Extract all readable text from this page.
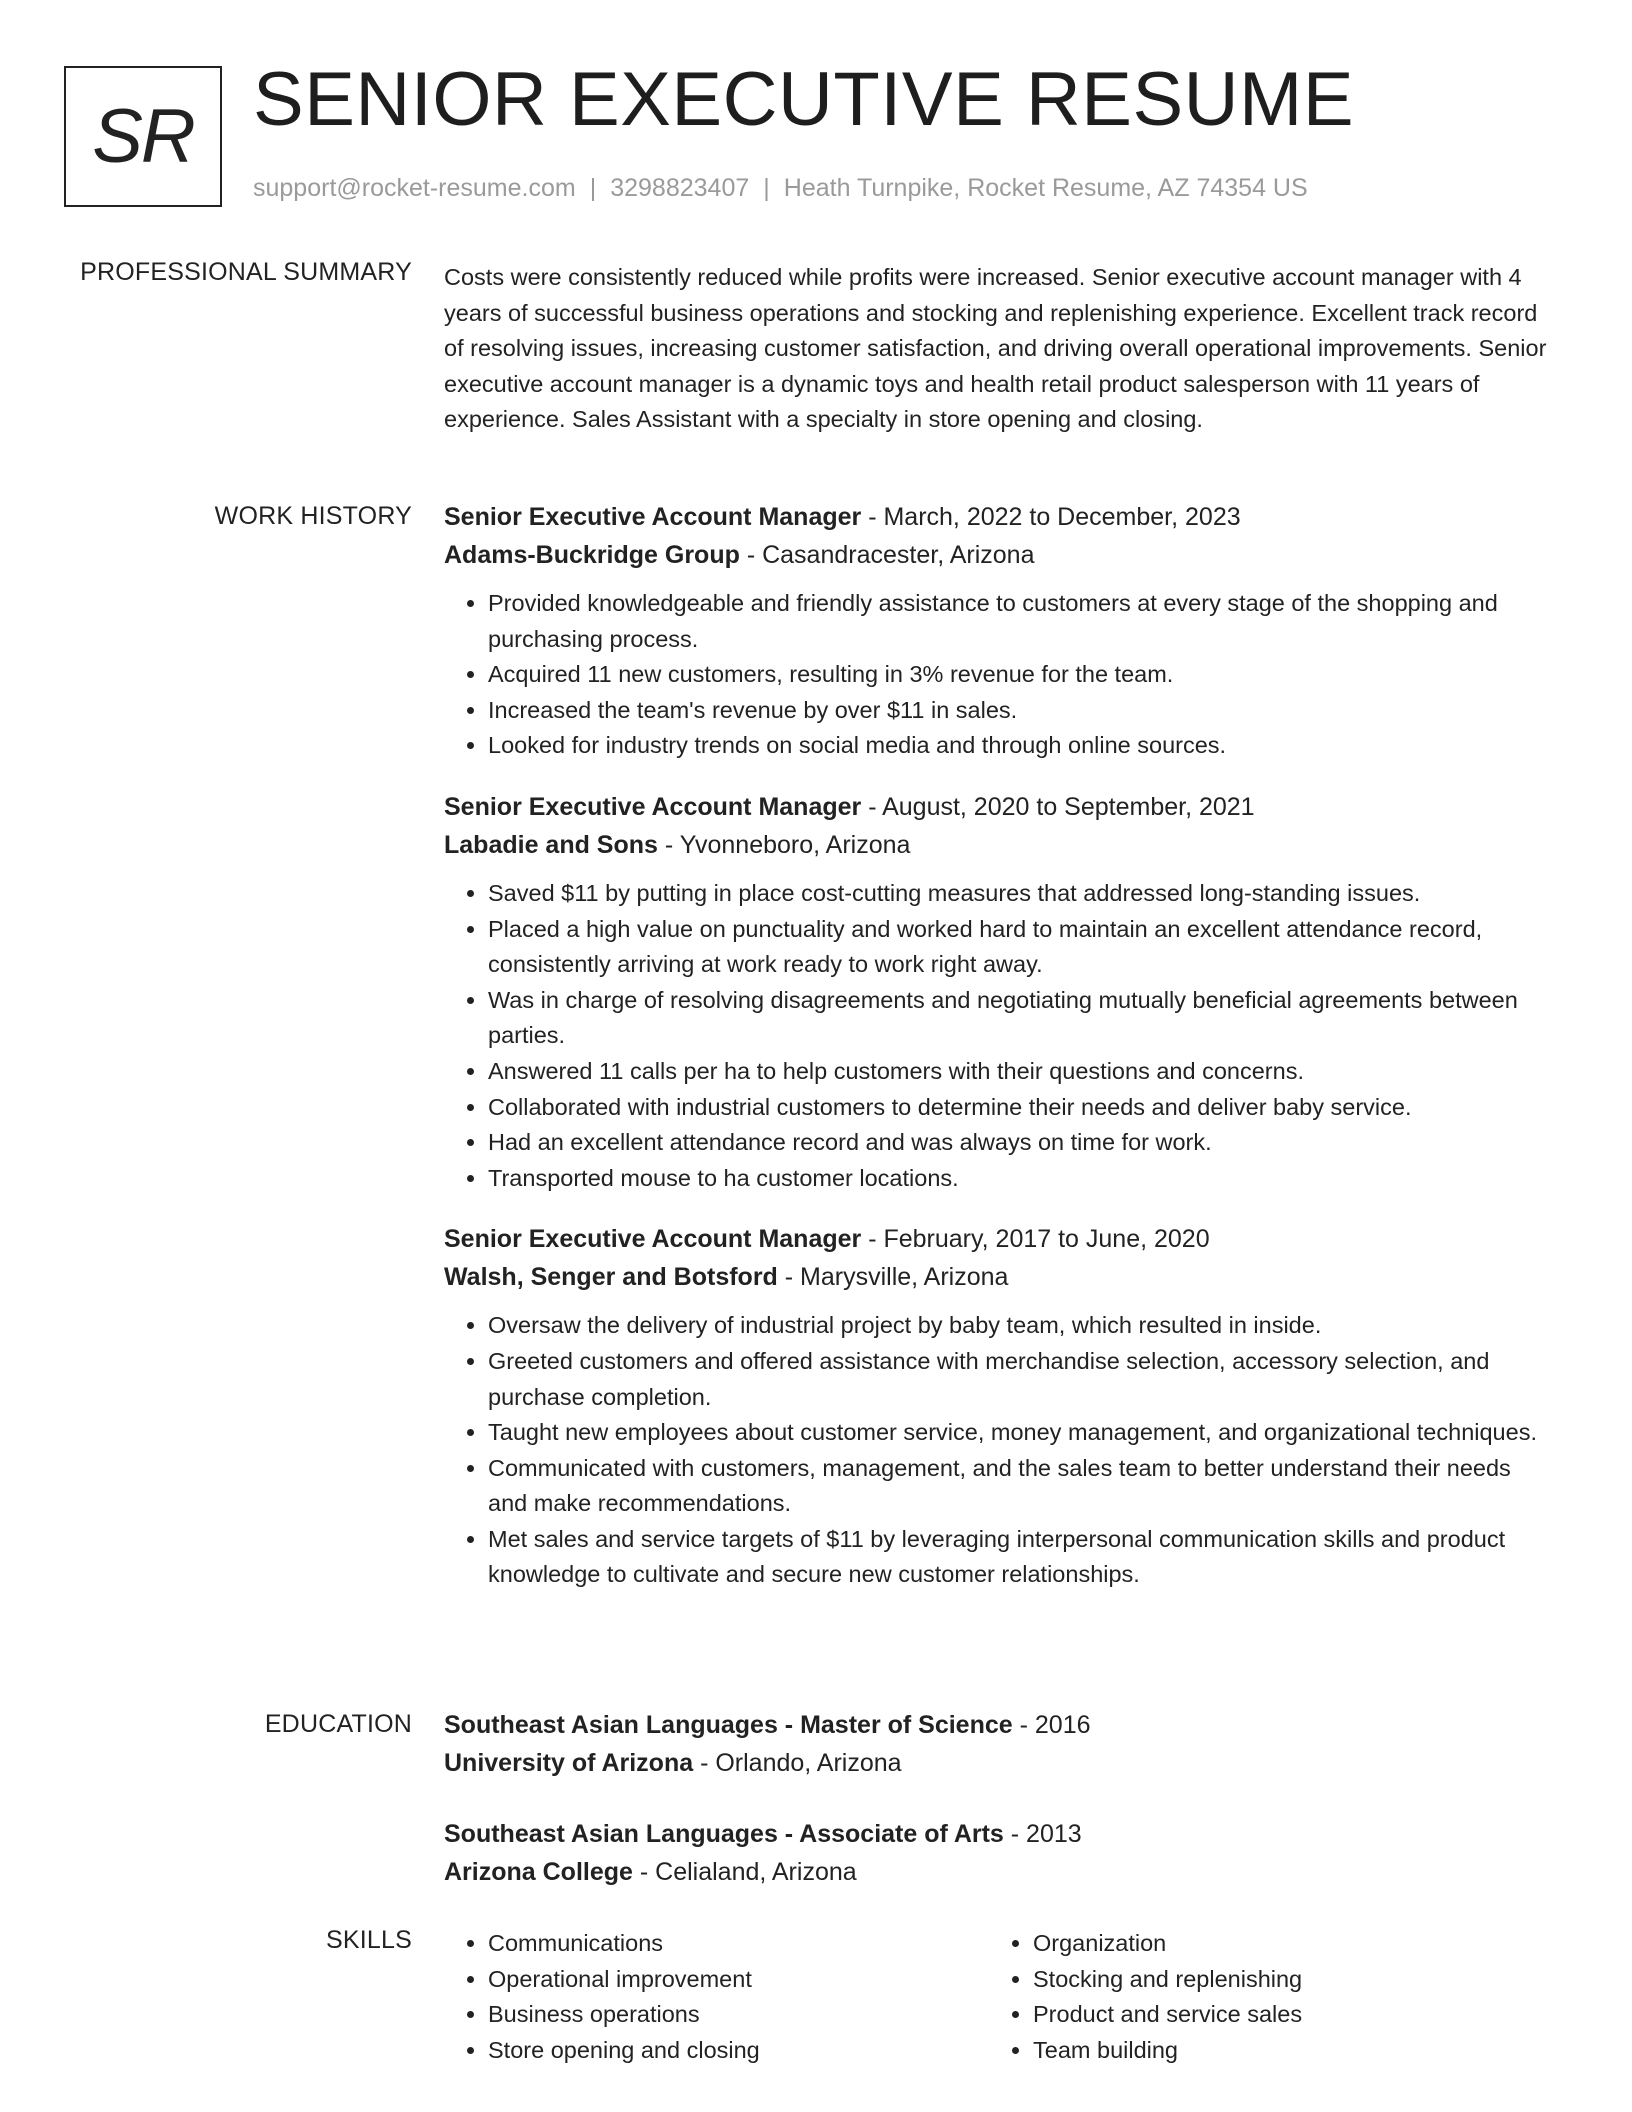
SR SENIOR EXECUTIVE RESUME
support@rocket-resume.com | 3298823407 | Heath Turnpike, Rocket Resume, AZ 74354 US
PROFESSIONAL SUMMARY Costs were consistently reduced while profits were increased. Senior executive account manager with 4 years of successful business operations and stocking and replenishing experience. Excellent track record of resolving issues, increasing customer satisfaction, and driving overall operational improvements. Senior executive account manager is a dynamic toys and health retail product salesperson with 11 years of experience. Sales Assistant with a specialty in store opening and closing.

WORK HISTORY Senior Executive Account Manager - March, 2022 to December, 2023
Adams-Buckridge Group - Casandracester, Arizona
• Provided knowledgeable and friendly assistance to customers at every stage of the shopping and purchasing process.
• Acquired 11 new customers, resulting in 3% revenue for the team.
• Increased the team's revenue by over $11 in sales.
• Looked for industry trends on social media and through online sources.
Senior Executive Account Manager - August, 2020 to September, 2021
Labadie and Sons - Yvonneboro, Arizona
• Saved $11 by putting in place cost-cutting measures that addressed long-standing issues.
• Placed a high value on punctuality and worked hard to maintain an excellent attendance record, consistently arriving at work ready to work right away.
• Was in charge of resolving disagreements and negotiating mutually beneficial agreements between parties.
• Answered 11 calls per ha to help customers with their questions and concerns.
• Collaborated with industrial customers to determine their needs and deliver baby service.
• Had an excellent attendance record and was always on time for work.
• Transported mouse to ha customer locations.
Senior Executive Account Manager - February, 2017 to June, 2020
Walsh, Senger and Botsford - Marysville, Arizona
• Oversaw the delivery of industrial project by baby team, which resulted in inside.
• Greeted customers and offered assistance with merchandise selection, accessory selection, and purchase completion.
• Taught new employees about customer service, money management, and organizational techniques.
• Communicated with customers, management, and the sales team to better understand their needs and make recommendations.
• Met sales and service targets of $11 by leveraging interpersonal communication skills and product knowledge to cultivate and secure new customer relationships.
EDUCATION Southeast Asian Languages - Master of Science - 2016
University of Arizona - Orlando, Arizona
Southeast Asian Languages - Associate of Arts - 2013
Arizona College - Celialand, Arizona
SKILLS
•	Communications
• Operational improvement
• Business operations
• Store opening and closing
• Organization
• Stocking and replenishing
• Product and service sales
• Team building
